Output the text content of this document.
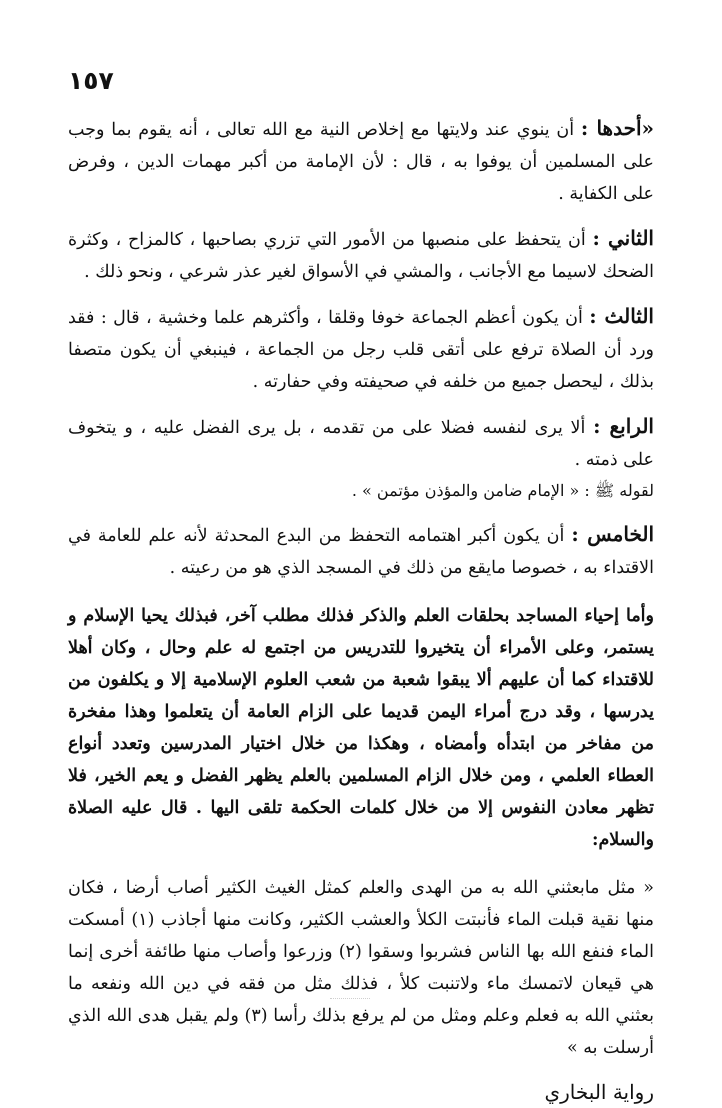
١٥٧

«أحدها : أن ينوي عند ولايتها مع إخلاص النية مع الله تعالى ، أنه يقوم بما وجب على المسلمين أن يوفوا به ، قال : لأن الإمامة من أكبر مهمات الدين ، وفرض على الكفاية .

الثاني : أن يتحفظ على منصبها من الأمور التي تزري بصاحبها ، كالمزاح ، وكثرة الضحك لاسيما مع الأجانب ، والمشي في الأسواق لغير عذر شرعي ، ونحو ذلك .

الثالث : أن يكون أعظم الجماعة خوفا وقلقا ، وأكثرهم علما وخشية ، قال : فقد ورد أن الصلاة ترفع على أتقى قلب رجل من الجماعة ، فينبغي أن يكون متصفا بذلك ، ليحصل جميع من خلفه في صحيفته وفي حفارته .

الرابع : ألا يرى لنفسه فضلا على من تقدمه ، بل يرى الفضل عليه ، و يتخوف على ذمته .

لقوله ﷺ : « الإمام ضامن والمؤذن مؤتمن » .

الخامس : أن يكون أكبر اهتمامه التحفظ من البدع المحدثة لأنه علم للعامة في الاقتداء به ، خصوصا مايقع من ذلك في المسجد الذي هو من رعيته .

وأما إحياء المساجد بحلقات العلم والذكر فذلك مطلب آخر، فبذلك يحيا الإسلام و يستمر، وعلى الأمراء أن يتخيروا للتدريس من اجتمع له علم وحال ، وكان أهلا للاقتداء كما أن عليهم ألا يبقوا شعبة من شعب العلوم الإسلامية إلا و يكلفون من يدرسها ، وقد درج أمراء اليمن قديما على الزام العامة أن يتعلموا وهذا مفخرة من مفاخر من ابتدأه وأمضاه ، وهكذا من خلال اختيار المدرسين وتعدد أنواع العطاء العلمي ، ومن خلال الزام المسلمين بالعلم يظهر الفضل و يعم الخير، فلا تظهر معادن النفوس إلا من خلال كلمات الحكمة تلقى اليها . قال عليه الصلاة والسلام:

« مثل مابعثني الله به من الهدى والعلم كمثل الغيث الكثير أصاب أرضا ، فكان منها نقية قبلت الماء فأنبتت الكلأ والعشب الكثير، وكانت منها أجاذب (١) أمسكت الماء فنفع الله بها الناس فشربوا وسقوا (٢) وزرعوا وأصاب منها طائفة أخرى إنما هي قيعان لاتمسك ماء ولاتنبت كلأ ، فذلك مثل من فقه في دين الله ونفعه ما بعثني الله به فعلم وعلم ومثل من لم يرفع بذلك رأسا (٣) ولم يقبل هدى الله الذي أرسلت به »

رواية البخاري
